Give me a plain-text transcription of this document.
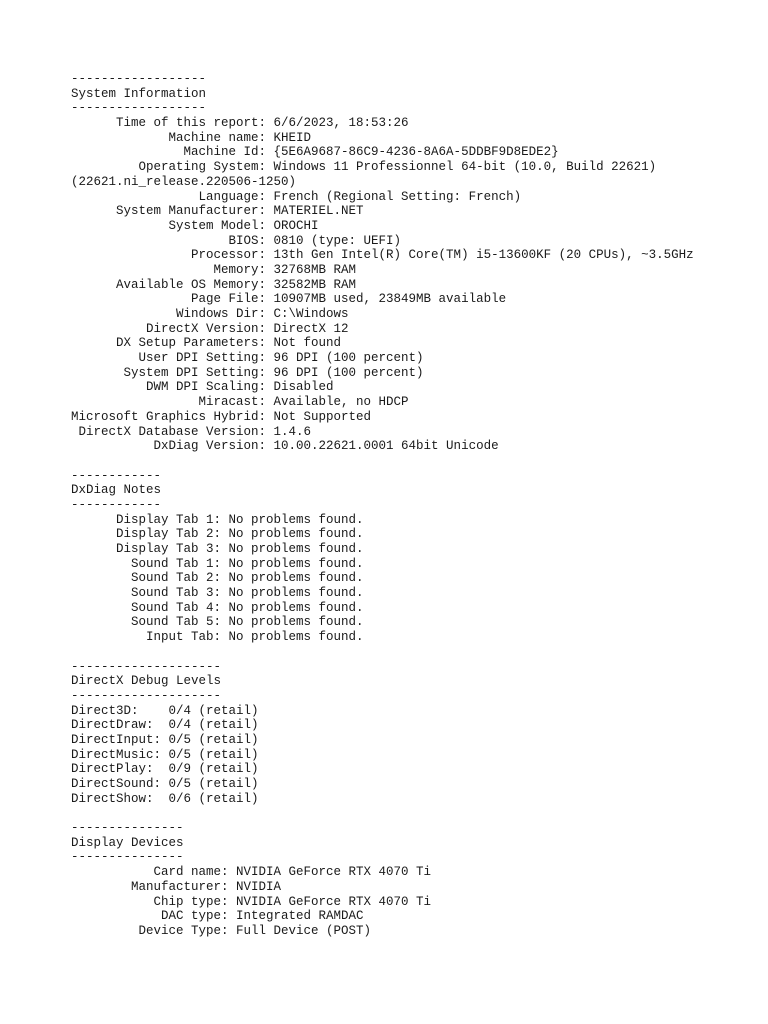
------------------
System Information
------------------
Time of this report: 6/6/2023, 18:53:26
Machine name: KHEID
Machine Id: {5E6A9687-86C9-4236-8A6A-5DDBF9D8EDE2}
Operating System: Windows 11 Professionnel 64-bit (10.0, Build 22621)
(22621.ni_release.220506-1250)
Language: French (Regional Setting: French)
System Manufacturer: MATERIEL.NET
System Model: OROCHI
BIOS: 0810 (type: UEFI)
Processor: 13th Gen Intel(R) Core(TM) i5-13600KF (20 CPUs), ~3.5GHz
Memory: 32768MB RAM
Available OS Memory: 32582MB RAM
Page File: 10907MB used, 23849MB available
Windows Dir: C:\Windows
DirectX Version: DirectX 12
DX Setup Parameters: Not found
User DPI Setting: 96 DPI (100 percent)
System DPI Setting: 96 DPI (100 percent)
DWM DPI Scaling: Disabled
Miracast: Available, no HDCP
Microsoft Graphics Hybrid: Not Supported
DirectX Database Version: 1.4.6
DxDiag Version: 10.00.22621.0001 64bit Unicode

------------
DxDiag Notes
------------
Display Tab 1: No problems found.
Display Tab 2: No problems found.
Display Tab 3: No problems found.
Sound Tab 1: No problems found.
Sound Tab 2: No problems found.
Sound Tab 3: No problems found.
Sound Tab 4: No problems found.
Sound Tab 5: No problems found.
Input Tab: No problems found.

--------------------
DirectX Debug Levels
--------------------
Direct3D:    0/4 (retail)
DirectDraw:  0/4 (retail)
DirectInput: 0/5 (retail)
DirectMusic: 0/5 (retail)
DirectPlay:  0/9 (retail)
DirectSound: 0/5 (retail)
DirectShow:  0/6 (retail)

---------------
Display Devices
---------------
Card name: NVIDIA GeForce RTX 4070 Ti
Manufacturer: NVIDIA
Chip type: NVIDIA GeForce RTX 4070 Ti
DAC type: Integrated RAMDAC
Device Type: Full Device (POST)
